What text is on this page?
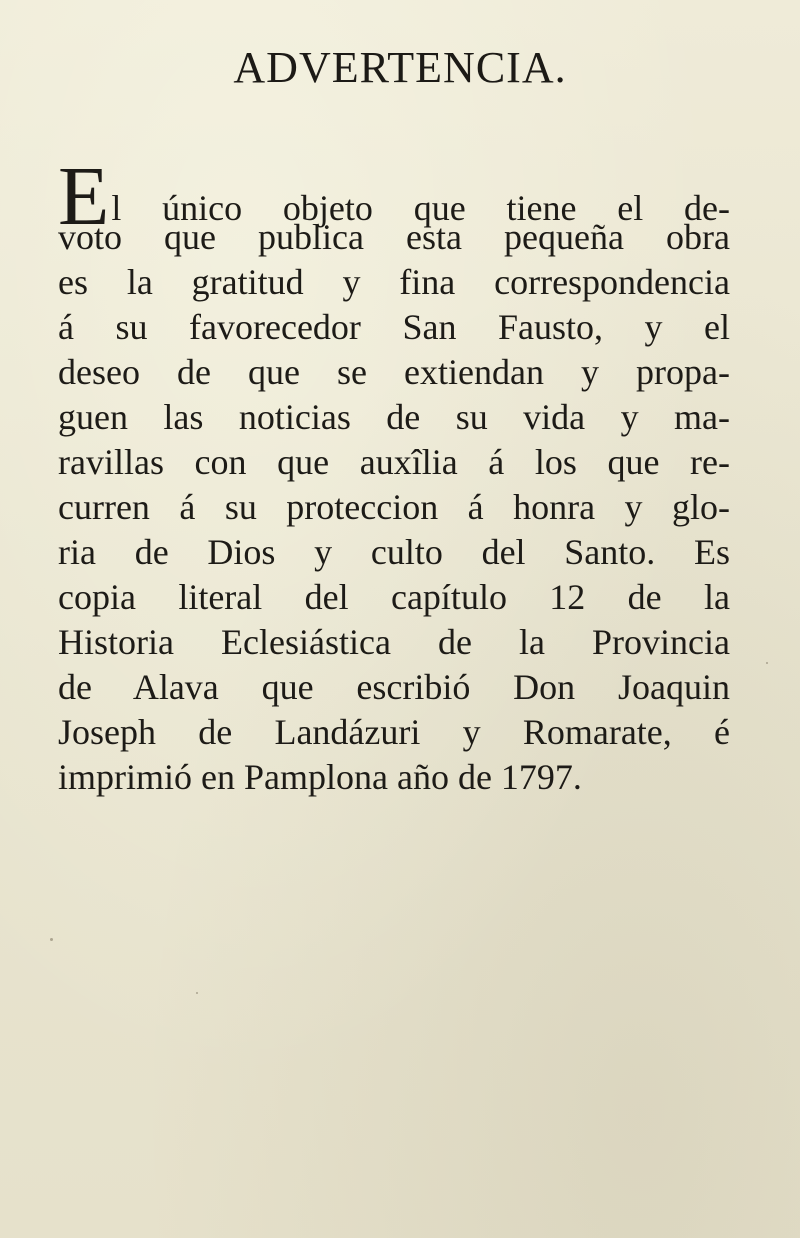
ADVERTENCIA.
E l único objeto que tiene el de-
voto que publica esta pequeña obra
es la gratitud y fina correspondencia
á su favorecedor San Fausto, y el
deseo de que se extiendan y propa-
guen las noticias de su vida y ma-
ravillas con que auxîlia á los que re-
curren á su proteccion á honra y glo-
ria de Dios y culto del Santo. Es
copia literal del capítulo 12 de la
Historia Eclesiástica de la Provincia
de Alava que escribió Don Joaquin
Joseph de Landázuri y Romarate, é
imprimió en Pamplona año de 1797.
